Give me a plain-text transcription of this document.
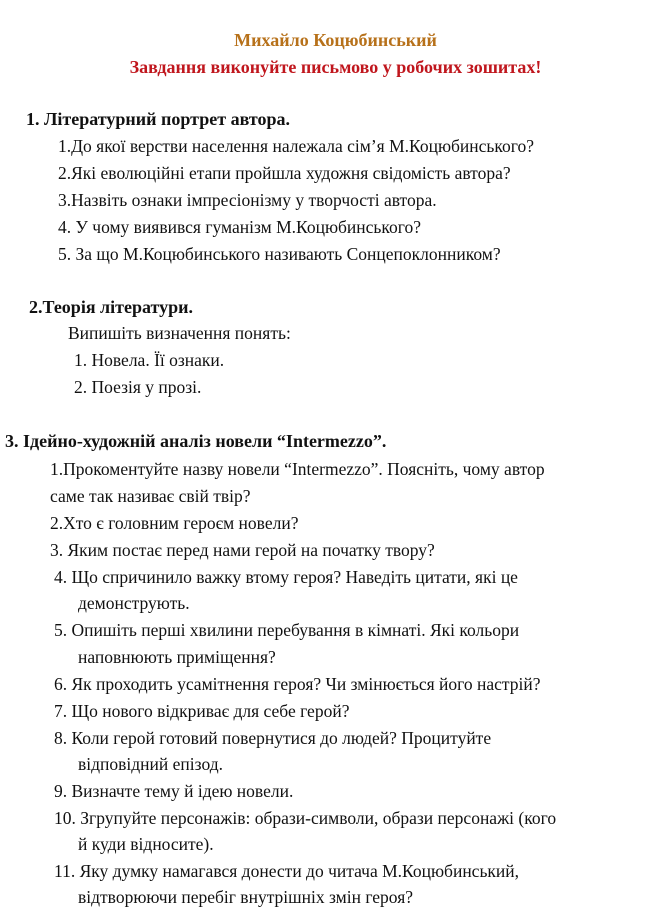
Михайло Коцюбинський
Завдання виконуйте письмово у робочих зошитах!
1. Літературний портрет автора.
1.До якої верстви населення належала сім’я М.Коцюбинського?
2.Які еволюційні етапи пройшла художня свідомість автора?
3.Назвіть ознаки імпресіонізму у творчості автора.
4. У чому виявився гуманізм М.Коцюбинського?
5. За що М.Коцюбинського називають Сонцепоклонником?
2.Теорія літератури.
Випишіть визначення понять:
1. Новела. Її ознаки.
2. Поезія у прозі.
3. Ідейно-художній аналіз новели “Intermezzo”.
1.Прокоментуйте назву новели “Intermezzo”. Поясніть, чому автор
саме так називає свій твір?
2.Хто є головним героєм новели?
3. Яким постає перед нами герой на початку твору?
4. Що спричинило важку втому героя? Наведіть цитати, які це
демонструють.
5. Опишіть перші хвилини перебування в кімнаті. Які кольори
наповнюють приміщення?
6. Як проходить усамітнення героя? Чи змінюється його настрій?
7. Що нового відкриває для себе герой?
8. Коли герой готовий повернутися до людей? Процитуйте
відповідний епізод.
9. Визначте тему й ідею новели.
10. Згрупуйте персонажів: образи-символи, образи персонажі (кого
й куди відносите).
11. Яку думку намагався донести до читача М.Коцюбинський,
відтворюючи перебіг внутрішніх змін героя?
